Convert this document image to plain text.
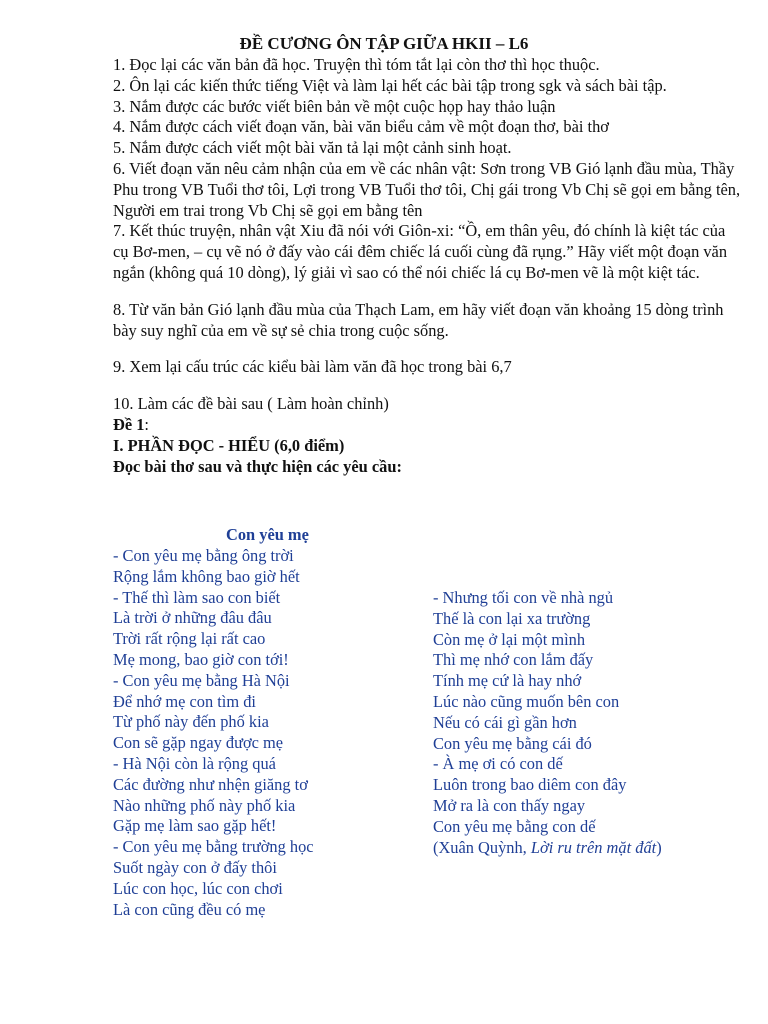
ĐỀ CƯƠNG ÔN TẬP GIỮA HKII – L6

1. Đọc lại các văn bản đã học. Truyện thì tóm tắt lại còn thơ thì học thuộc.

2. Ôn lại các kiến thức tiếng Việt và làm lại hết các bài tập trong sgk và sách bài tập.

3. Nắm được các bước viết biên bản về một cuộc họp hay thảo luận

4. Nắm được cách viết đoạn văn, bài văn biểu cảm về một đoạn thơ, bài thơ

5. Nắm được cách viết một bài văn tả lại một cảnh sinh hoạt.

6. Viết đoạn văn nêu cảm nhận của em về các nhân vật: Sơn trong VB Gió lạnh đầu mùa, Thầy Phu trong VB Tuổi thơ tôi, Lợi trong VB Tuổi thơ tôi, Chị gái trong Vb Chị sẽ gọi em bằng tên, Người em trai trong Vb Chị sẽ gọi em bằng tên

7. Kết thúc truyện, nhân vật Xiu đã nói với Giôn-xi: “Ồ, em thân yêu, đó chính là kiệt tác của cụ Bơ-men, – cụ vẽ nó ở đấy vào cái đêm chiếc lá cuối cùng đã rụng.” Hãy viết một đoạn văn ngắn (không quá 10 dòng), lý giải vì sao có thể nói chiếc lá cụ Bơ-men vẽ là một kiệt tác.

8. Từ văn bản Gió lạnh đầu mùa của Thạch Lam, em hãy viết đoạn văn khoảng 15 dòng trình bày suy nghĩ của em về sự sẻ chia trong cuộc sống.

9. Xem lại cấu trúc các kiểu bài làm văn đã học trong bài 6,7

10. Làm các đề bài sau ( Làm hoàn chỉnh)

Đề 1:

I. PHẦN ĐỌC - HIỂU (6,0 điểm)

Đọc bài thơ sau và thực hiện các yêu cầu:

Con yêu mẹ
- Con yêu mẹ bằng ông trời
Rộng lắm không bao giờ hết
- Thế thì làm sao con biết
Là trời ở những đâu đâu
Trời rất rộng lại rất cao
Mẹ mong, bao giờ con tới!
- Con yêu mẹ bằng Hà Nội
Để nhớ mẹ con tìm đi
Từ phố này đến phố kia
Con sẽ gặp ngay được mẹ
- Hà Nội còn là rộng quá
Các đường như nhện giăng tơ
Nào những phố này phố kia
Gặp mẹ làm sao gặp hết!
- Con yêu mẹ bằng trường học
Suốt ngày con ở đấy thôi
Lúc con học, lúc con chơi
Là con cũng đều có mẹ
- Nhưng tối con về nhà ngủ
Thế là con lại xa trường
Còn mẹ ở lại một mình
Thì mẹ nhớ con lắm đấy
Tính mẹ cứ là hay nhớ
Lúc nào cũng muốn bên con
Nếu có cái gì gần hơn
Con yêu mẹ bằng cái đó
- À mẹ ơi có con dế
Luôn trong bao diêm con đây
Mở ra là con thấy ngay
Con yêu mẹ bằng con dế
(Xuân Quỳnh, Lời ru trên mặt đất)
